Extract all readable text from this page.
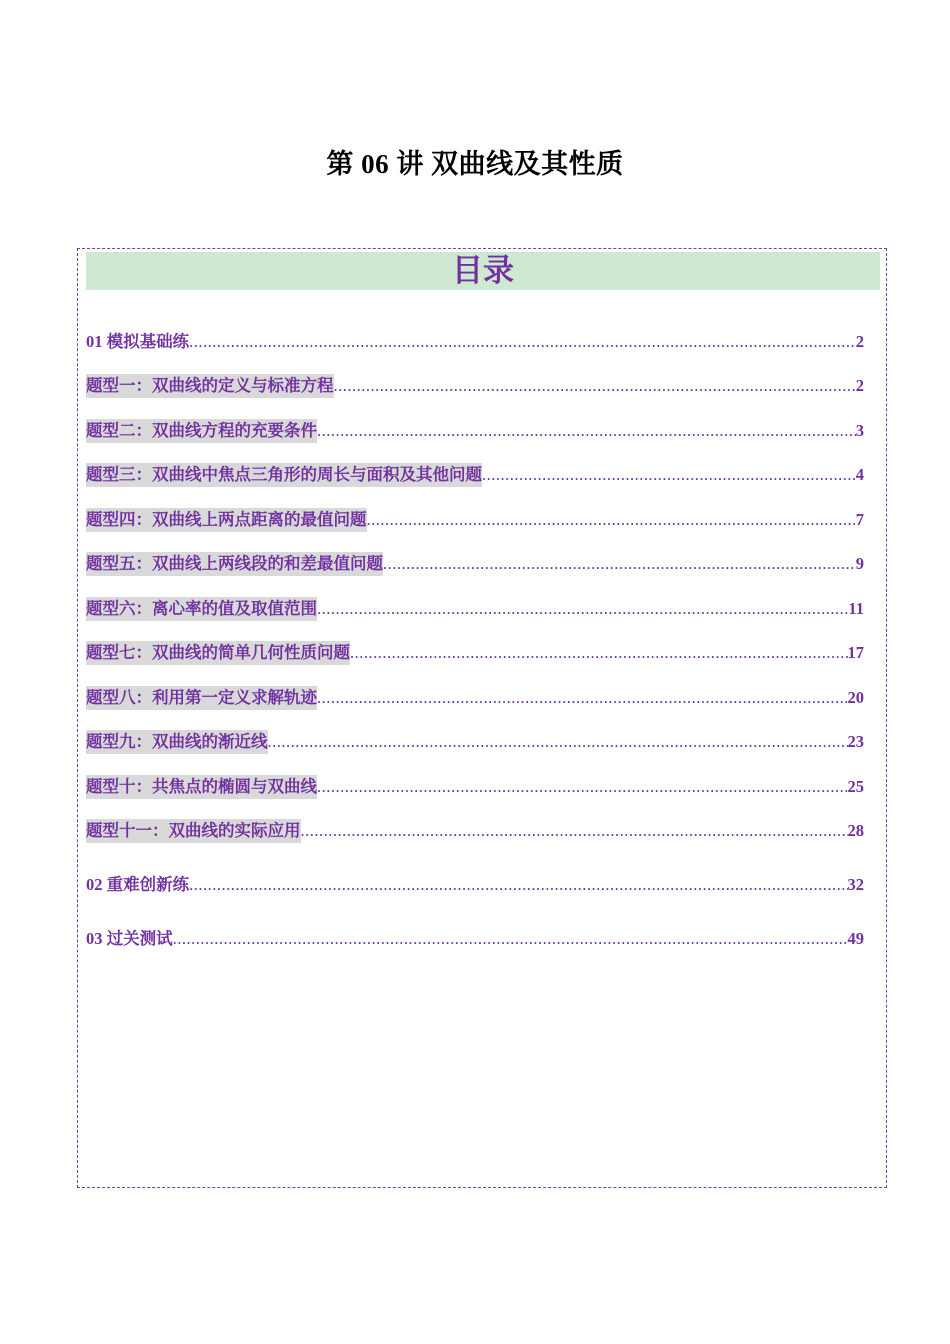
第 06 讲 双曲线及其性质
目录
01 模拟基础练 .....	2
题型一：双曲线的定义与标准方程 .....	2
题型二：双曲线方程的充要条件 .....	3
题型三：双曲线中焦点三角形的周长与面积及其他问题 .....	4
题型四：双曲线上两点距离的最值问题 .....	7
题型五：双曲线上两线段的和差最值问题 .....	9
题型六：离心率的值及取值范围 .....	11
题型七：双曲线的简单几何性质问题 .....	17
题型八：利用第一定义求解轨迹 .....	20
题型九：双曲线的渐近线 .....	23
题型十：共焦点的椭圆与双曲线 .....	25
题型十一：双曲线的实际应用 .....	28
02 重难创新练 .....	32
03 过关测试 .....	49
